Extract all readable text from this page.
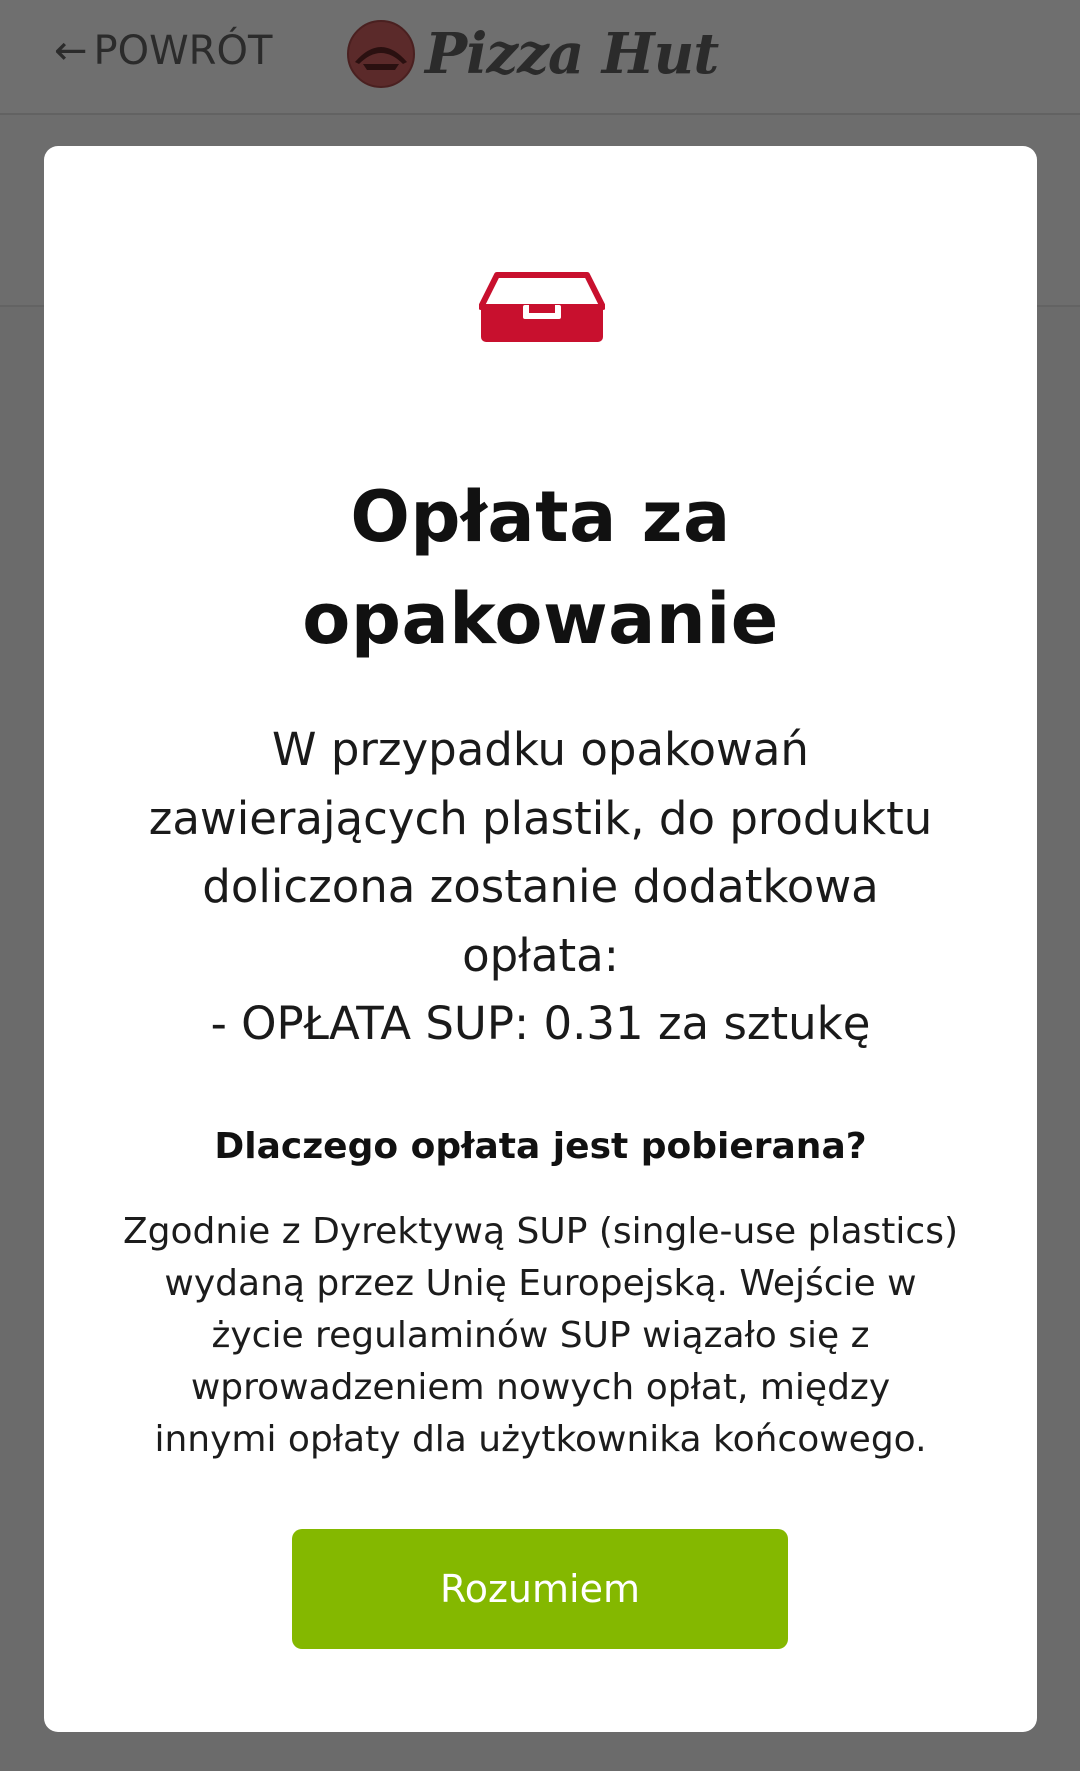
← POWRÓT	Pizza Hut
Opłata za
opakowanie
W przypadku opakowań
zawierających plastik, do produktu
doliczona zostanie dodatkowa
opłata:
- OPŁATA SUP: 0.31 za sztukę
Dlaczego opłata jest pobierana?
Zgodnie z Dyrektywą SUP (single-use plastics)
wydaną przez Unię Europejską. Wejście w
życie regulaminów SUP wiązało się z
wprowadzeniem nowych opłat, między
innymi opłaty dla użytkownika końcowego.
Rozumiem
